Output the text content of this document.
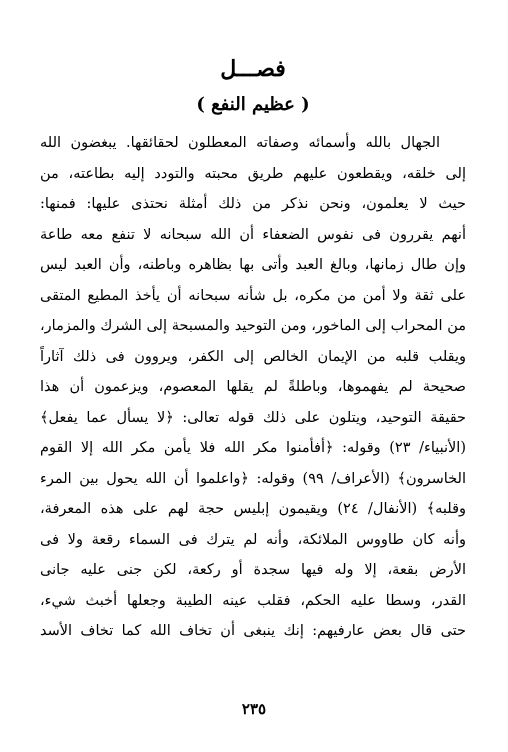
فصـــل
( عظيم النفع )
الجهال بالله وأسمائه وصفاته المعطلون لحقائقها. يبغضون الله
إلى خلقه، ويقطعون عليهم طريق محبته والتودد إليه بطاعته، من
حيث لا يعلمون، ونحن نذكر من ذلك أمثلة نحتذى عليها: فمنها:
أنهم يقررون فى نفوس الضعفاء أن الله سبحانه لا تنفع معه طاعة
وإن طال زمانها، وبالغ العبد وأتى بها بظاهره وباطنه، وأن العبد ليس
على ثقة ولا أمن من مكره، بل شأنه سبحانه أن يأخذ المطيع المتقى
من المحراب إلى الماخور، ومن التوحيد والمسبحة إلى الشرك والمزمار،
ويقلب قلبه من الإيمان الخالص إلى الكفر، ويروون فى ذلك آثاراً
صحيحة لم يفهموها، وباطلةً لم يقلها المعصوم، ويزعمون أن هذا
حقيقة التوحيد، ويتلون على ذلك قوله تعالى: ﴿لا يسأل عما يفعل﴾
(الأنبياء/ ٢٣) وقوله: ﴿أفأمنوا مكر الله فلا يأمن مكر الله إلا القوم
الخاسرون﴾ (الأعراف/ ٩٩) وقوله: ﴿واعلموا أن الله يحول بين المرء
وقلبه﴾ (الأنفال/ ٢٤) ويقيمون إبليس حجة لهم على هذه المعرفة،
وأنه كان طاووس الملائكة، وأنه لم يترك فى السماء رقعة ولا فى
الأرض بقعة، إلا وله فيها سجدة أو ركعة، لكن جنى عليه جانى
القدر، وسطا عليه الحكم، فقلب عينه الطيبة وجعلها أخبث شيء،
حتى قال بعض عارفيهم: إنك ينبغى أن تخاف الله كما تخاف الأسد
٢٣٥
